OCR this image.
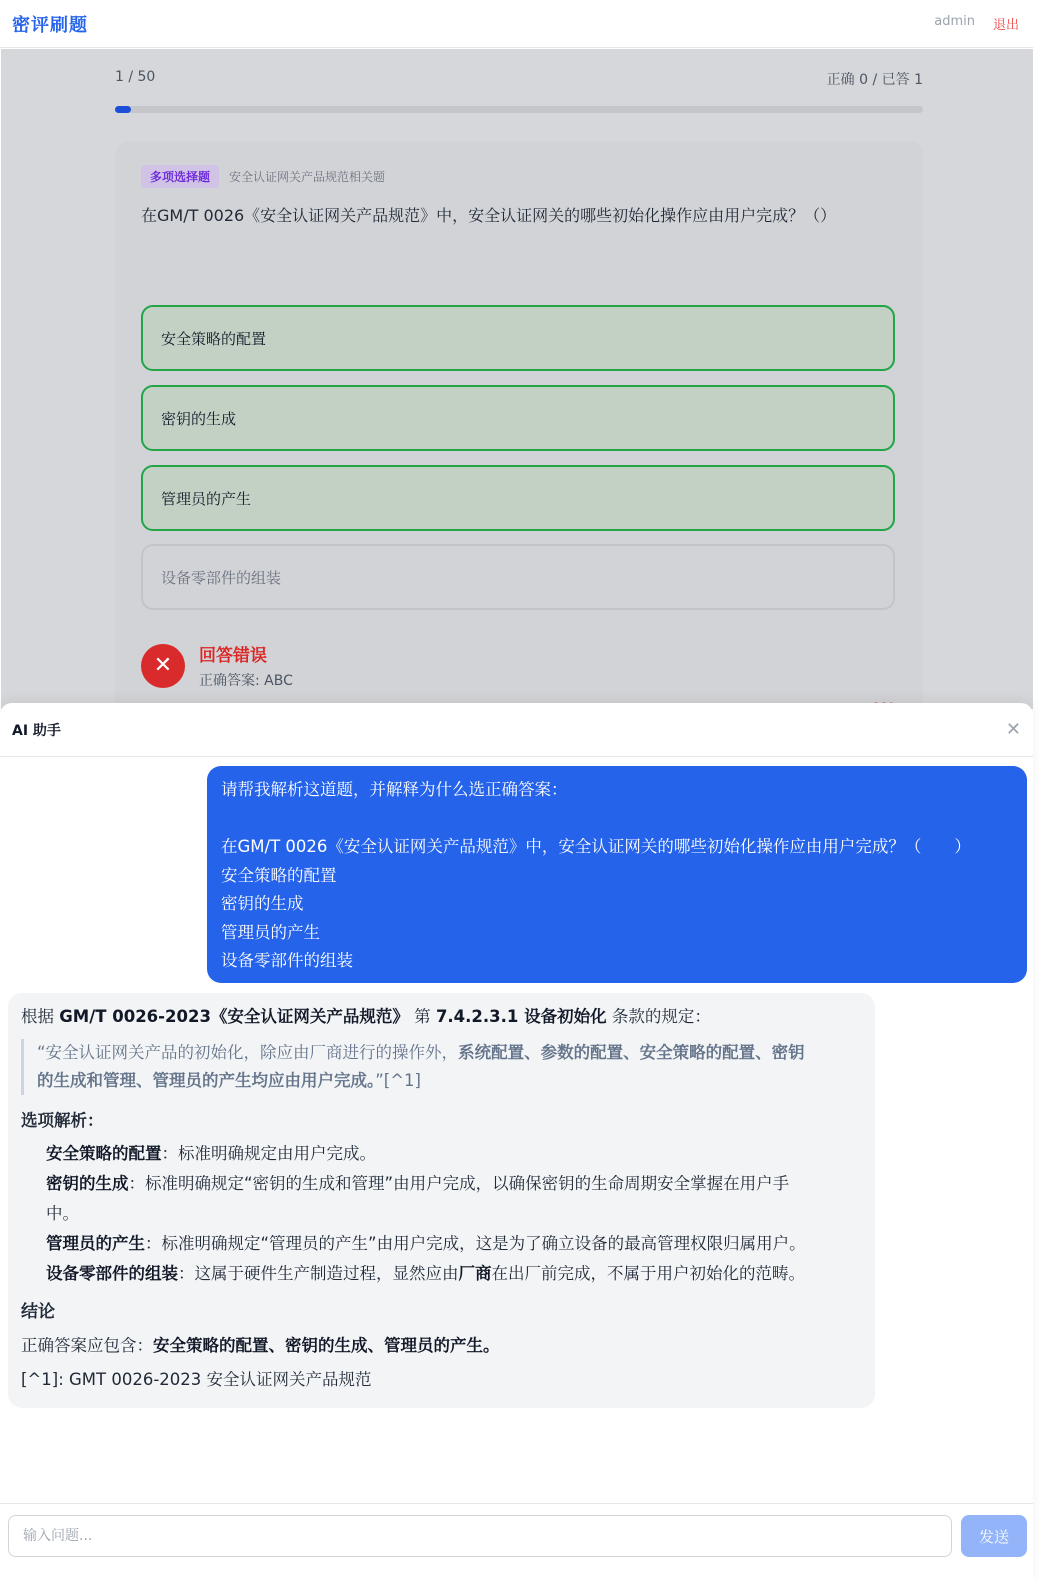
密评刷题	admin 退出
1 / 50	正确 0 / 已答 1
多项选择题	安全认证网关产品规范相关题
在GM/T 0026《安全认证网关产品规范》中，安全认证网关的哪些初始化操作应由用户完成？（）
安全策略的配置
密钥的生成
管理员的产生
设备零部件的组装
✕	回答错误
正确答案: ABC
AI 助手	✕

请帮我解析这道题，并解释为什么选正确答案：

在GM/T 0026《安全认证网关产品规范》中，安全认证网关的哪些初始化操作应由用户完成？（　　）

安全策略的配置

密钥的生成

管理员的产生

设备零部件的组装

根据 GM/T 0026-2023《安全认证网关产品规范》 第 7.4.2.3.1 设备初始化 条款的规定：
“安全认证网关产品的初始化，除应由厂商进行的操作外，系统配置、参数的配置、安全策略的配置、密钥
的生成和管理、管理员的产生均应由用户完成。”[^1]
选项解析：
安全策略的配置：标准明确规定由用户完成。
密钥的生成：标准明确规定“密钥的生成和管理”由用户完成，以确保密钥的生命周期安全掌握在用户手
中。
管理员的产生：标准明确规定“管理员的产生”由用户完成，这是为了确立设备的最高管理权限归属用户。
设备零部件的组装：这属于硬件生产制造过程，显然应由厂商在出厂前完成，不属于用户初始化的范畴。
结论
正确答案应包含：安全策略的配置、密钥的生成、管理员的产生。
[^1]: GMT 0026-2023 安全认证网关产品规范
输入问题...
发送
